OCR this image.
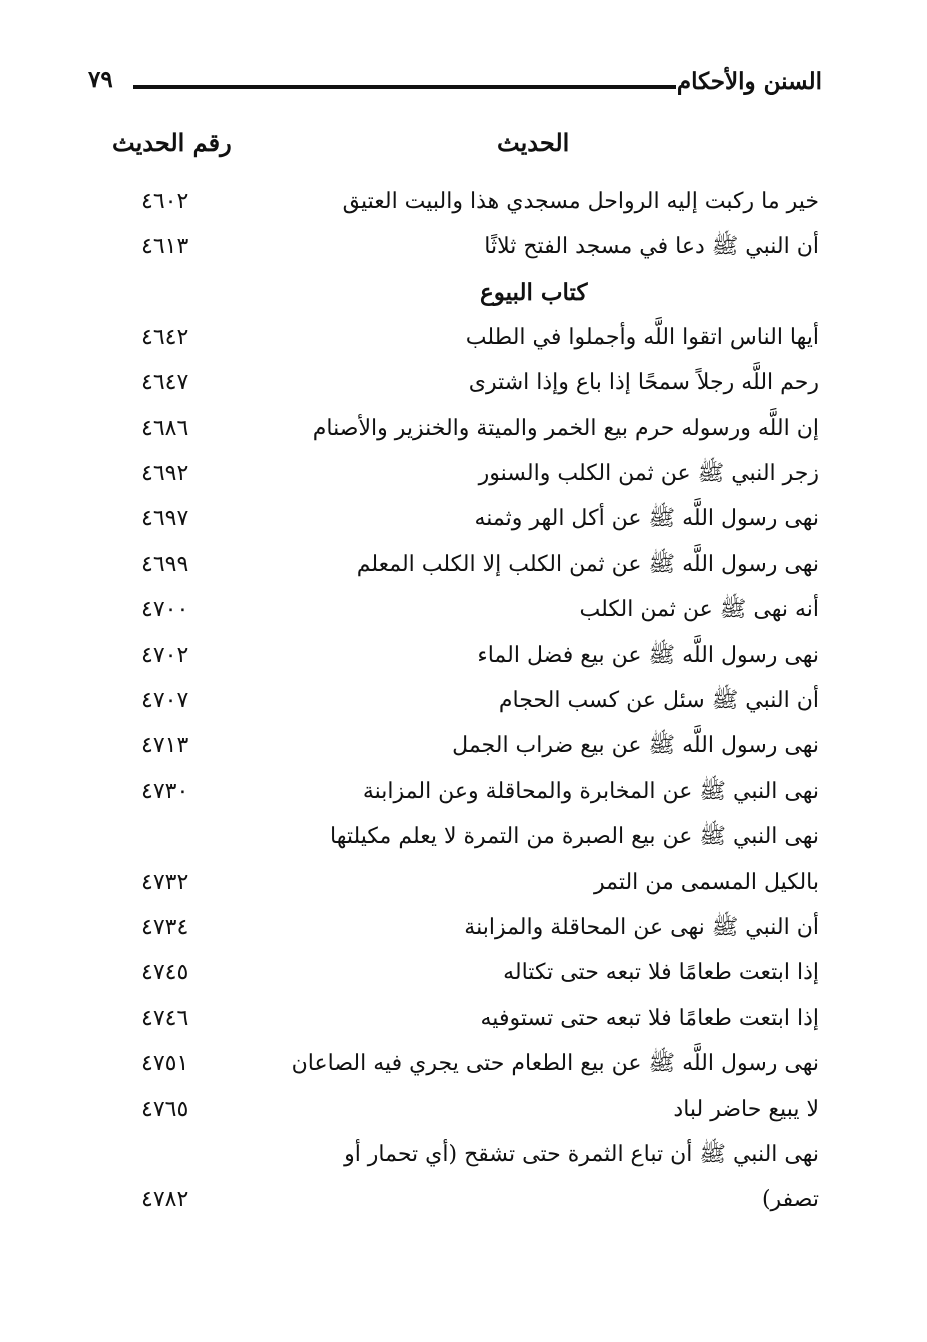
السنن والأحكام
٧٩
الحديث
رقم الحديث
خير ما ركبت إليه الرواحل مسجدي هذا والبيت العتيق
٤٦٠٢
أن النبي ﷺ دعا في مسجد الفتح ثلاثًا
٤٦١٣
كتاب البيوع
أيها الناس اتقوا اللَّه وأجملوا في الطلب
٤٦٤٢
رحم اللَّه رجلاً سمحًا إذا باع وإذا اشترى
٤٦٤٧
إن اللَّه ورسوله حرم بيع الخمر والميتة والخنزير والأصنام
٤٦٨٦
زجر النبي ﷺ عن ثمن الكلب والسنور
٤٦٩٢
نهى رسول اللَّه ﷺ عن أكل الهر وثمنه
٤٦٩٧
نهى رسول اللَّه ﷺ عن ثمن الكلب إلا الكلب المعلم
٤٦٩٩
أنه نهى ﷺ عن ثمن الكلب
٤٧٠٠
نهى رسول اللَّه ﷺ عن بيع فضل الماء
٤٧٠٢
أن النبي ﷺ سئل عن كسب الحجام
٤٧٠٧
نهى رسول اللَّه ﷺ عن بيع ضراب الجمل
٤٧١٣
نهى النبي ﷺ عن المخابرة والمحاقلة وعن المزابنة
٤٧٣٠
نهى النبي ﷺ عن بيع الصبرة من التمرة لا يعلم مكيلتها
بالكيل المسمى من التمر
٤٧٣٢
أن النبي ﷺ نهى عن المحاقلة والمزابنة
٤٧٣٤
إذا ابتعت طعامًا فلا تبعه حتى تكتاله
٤٧٤٥
إذا ابتعت طعامًا فلا تبعه حتى تستوفيه
٤٧٤٦
نهى رسول اللَّه ﷺ عن بيع الطعام حتى يجري فيه الصاعان
٤٧٥١
لا يبيع حاضر لباد
٤٧٦٥
نهى النبي ﷺ أن تباع الثمرة حتى تشقح (أي تحمار أو
تصفر)
٤٧٨٢
